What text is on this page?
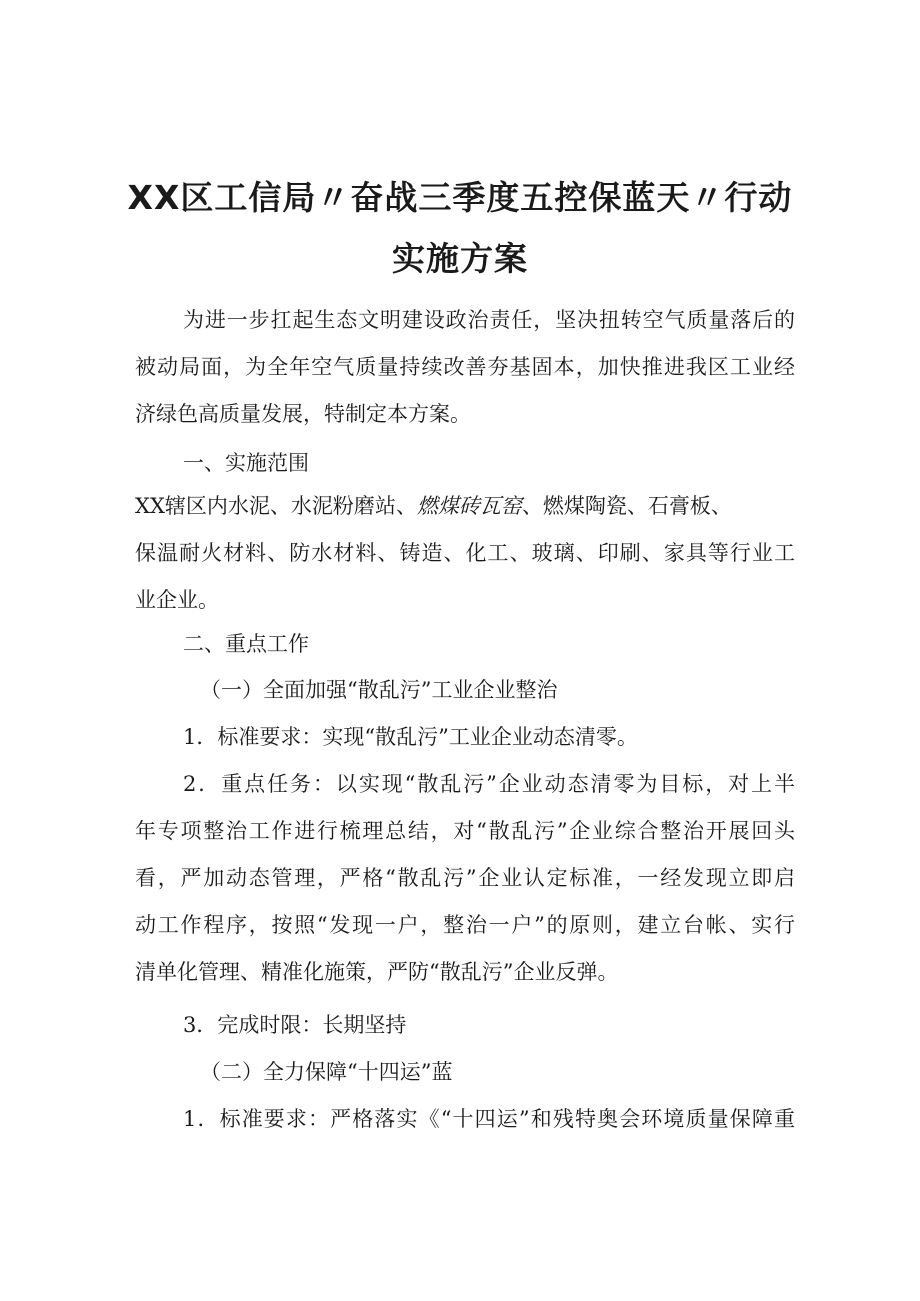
XX区工信局〃奋战三季度五控保蓝天〃行动
实施方案

为进一步扛起生态文明建设政治责任，坚决扭转空气质量落后的

被动局面，为全年空气质量持续改善夯基固本，加快推进我区工业经

济绿色高质量发展，特制定本方案。

一、实施范围

XX辖区内水泥、水泥粉磨站、燃煤砖瓦窑、燃煤陶瓷、石膏板、

保温耐火材料、防水材料、铸造、化工、玻璃、印刷、家具等行业工

业企业。

二、重点工作

（一）全面加强“散乱污”工业企业整治

1．标准要求：实现“散乱污”工业企业动态清零。

2．重点任务：以实现“散乱污”企业动态清零为目标，对上半

年专项整治工作进行梳理总结，对“散乱污”企业综合整治开展回头

看，严加动态管理，严格“散乱污”企业认定标准，一经发现立即启

动工作程序，按照“发现一户，整治一户”的原则，建立台帐、实行

清单化管理、精准化施策，严防“散乱污”企业反弹。

3．完成时限：长期坚持

（二）全力保障“十四运”蓝

1．标准要求：严格落实《“十四运”和残特奥会环境质量保障重
